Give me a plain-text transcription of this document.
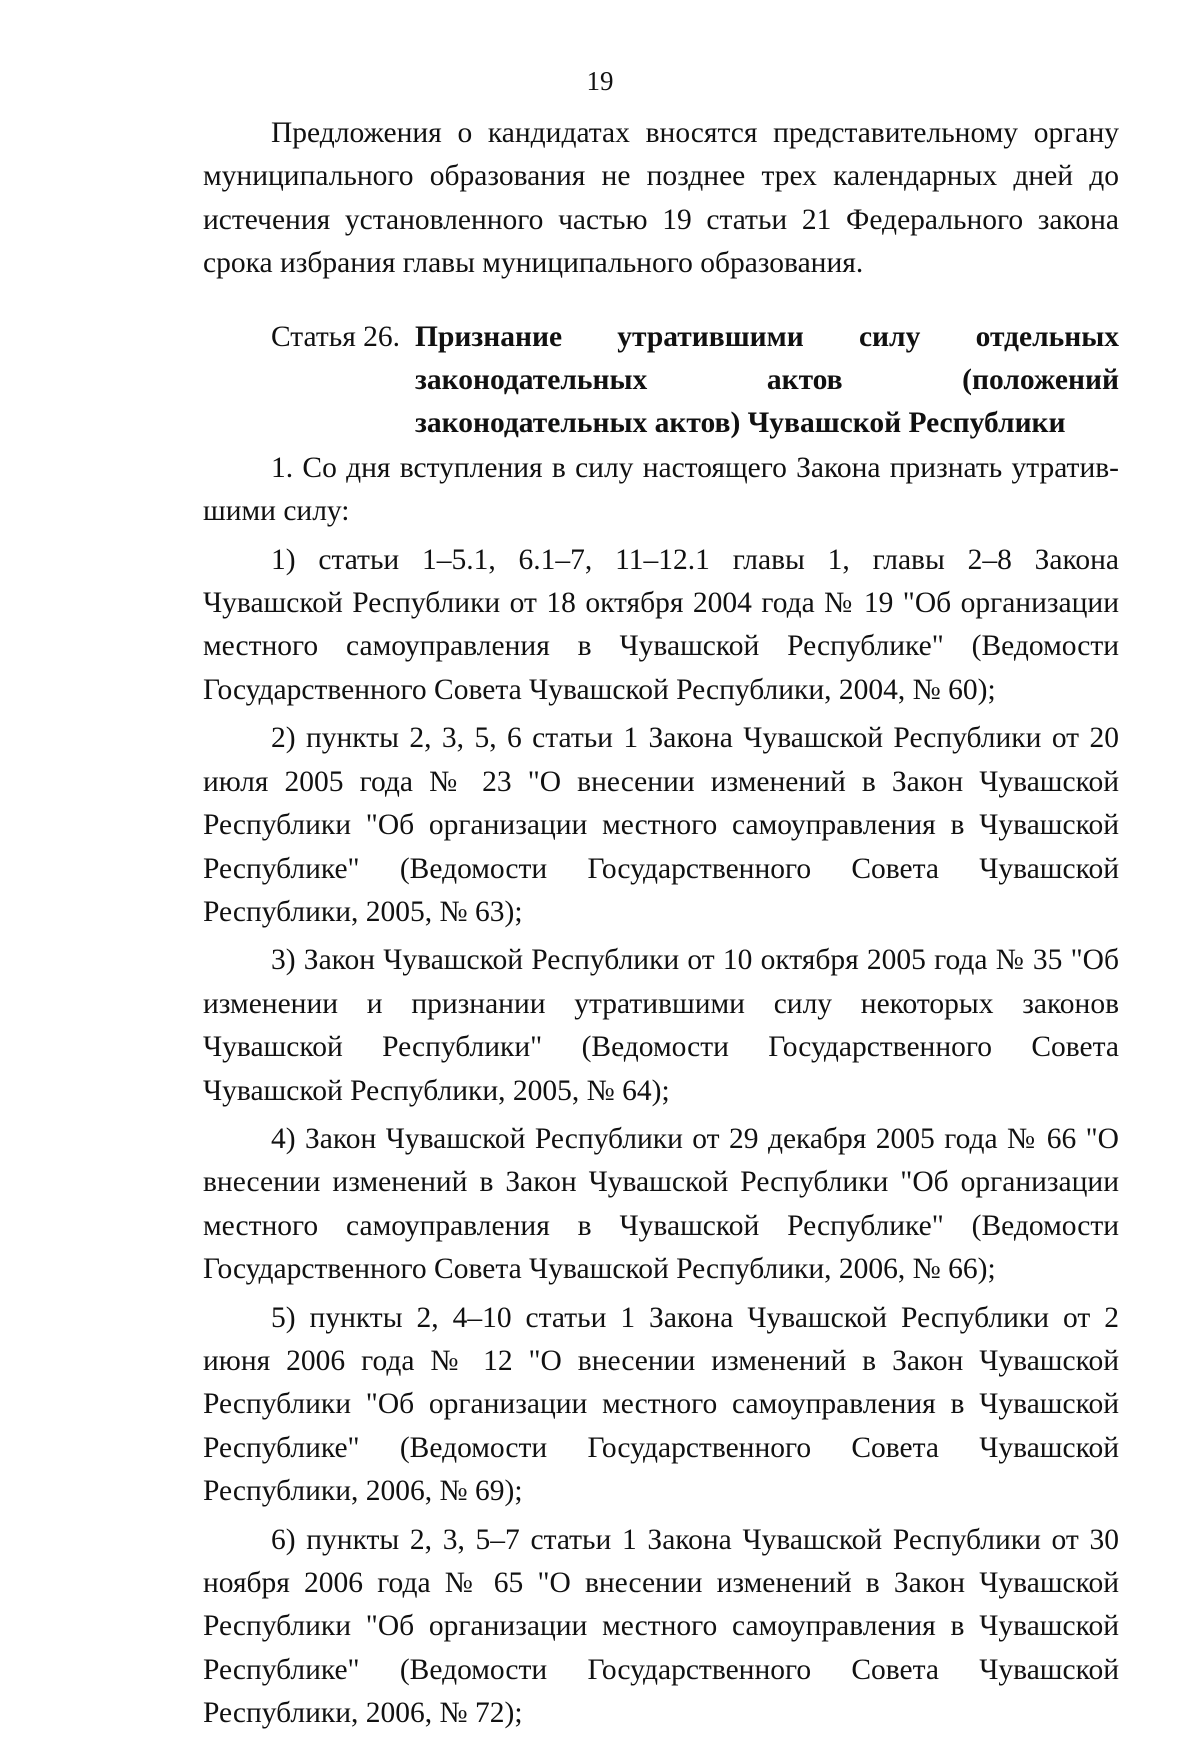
19

Предложения о кандидатах вносятся представительному органу муниципального образования не позднее трех календарных дней до истечения установленного частью 19 статьи 21 Федерального закона срока избрания главы муниципального образования.

Статья 26. Признание утратившими силу отдельных законодательных актов (положений законодательных актов) Чувашской Республики

1. Со дня вступления в силу настоящего Закона признать утратившими силу:

1) статьи 1–5.1, 6.1–7, 11–12.1 главы 1, главы 2–8 Закона Чувашской Республики от 18 октября 2004 года № 19 "Об организации местного самоуправления в Чувашской Республике" (Ведомости Государственного Совета Чувашской Республики, 2004, № 60);

2) пункты 2, 3, 5, 6 статьи 1 Закона Чувашской Республики от 20 июля 2005 года № 23 "О внесении изменений в Закон Чувашской Республики "Об организации местного самоуправления в Чувашской Республике" (Ведомости Государственного Совета Чувашской Республики, 2005, № 63);

3) Закон Чувашской Республики от 10 октября 2005 года № 35 "Об изменении и признании утратившими силу некоторых законов Чувашской Республики" (Ведомости Государственного Совета Чувашской Республики, 2005, № 64);

4) Закон Чувашской Республики от 29 декабря 2005 года № 66 "О внесении изменений в Закон Чувашской Республики "Об организации местного самоуправления в Чувашской Республике" (Ведомости Государственного Совета Чувашской Республики, 2006, № 66);

5) пункты 2, 4–10 статьи 1 Закона Чувашской Республики от 2 июня 2006 года № 12 "О внесении изменений в Закон Чувашской Республики "Об организации местного самоуправления в Чувашской Республике" (Ведомости Государственного Совета Чувашской Республики, 2006, № 69);

6) пункты 2, 3, 5–7 статьи 1 Закона Чувашской Республики от 30 ноября 2006 года № 65 "О внесении изменений в Закон Чувашской Республики "Об организации местного самоуправления в Чувашской Республике" (Ведомости Государственного Совета Чувашской Республики, 2006, № 72);
